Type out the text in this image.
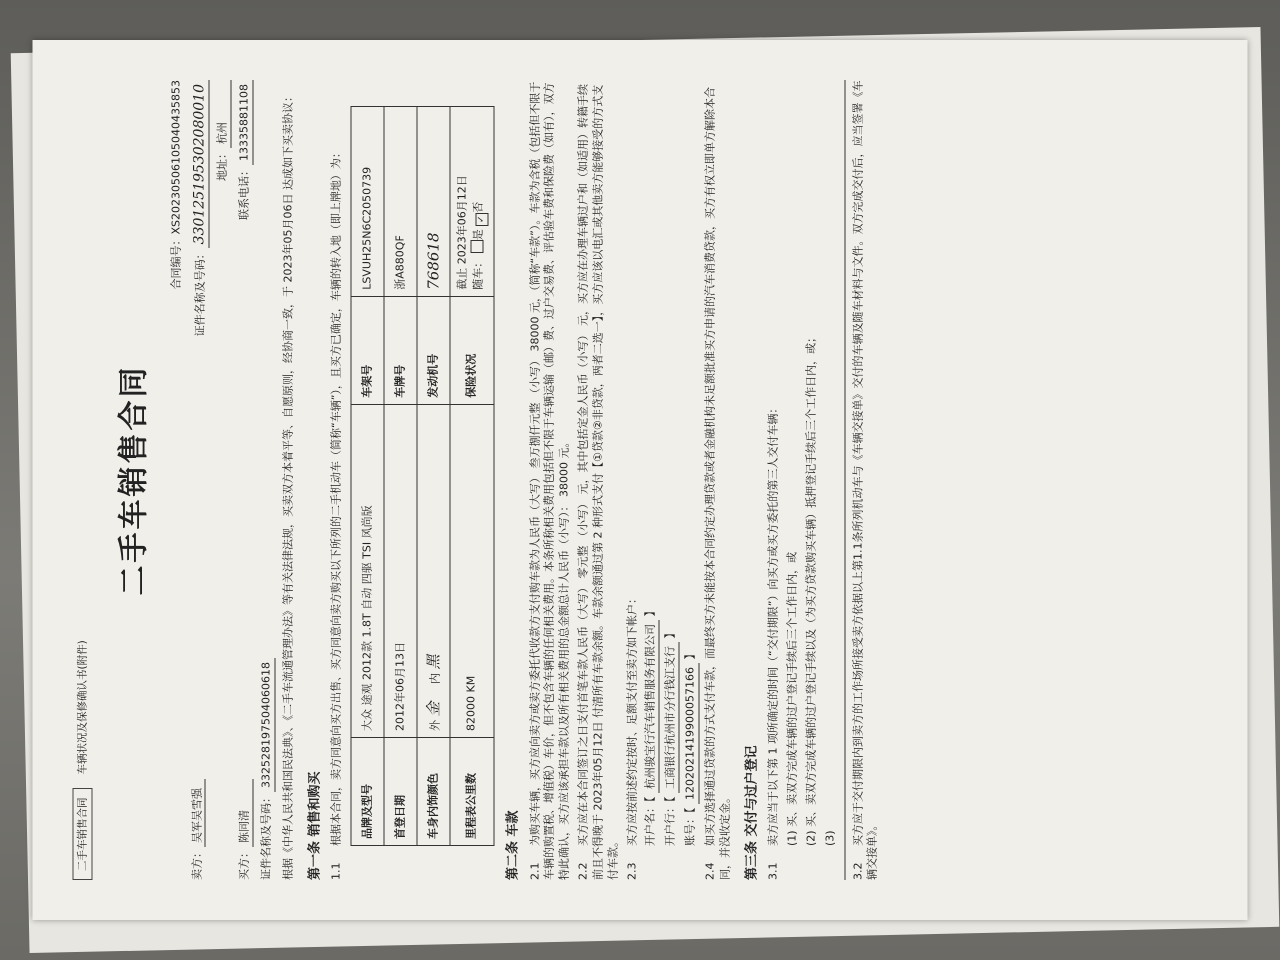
二手车销售合同
车辆状况及保修确认书(附件)
二手车销售合同
合同编号：XS20230506105040435853
卖方：吴军吴雪强
证件名称及号码：330125195302080010 地址：杭州
买方：陈同清
联系电话：13335881108
证件名称及号码：332528197504060618 根据《中华人民共和国民法典》、《二手车流通管理办法》等有关法律法规，买卖双方本着平等、自愿原则，经协商一致，于 2023年05月06日 达成如下买卖协议： 第一条 销售和购买 1.1根据本合同，卖方同意向买方出售、买方同意向卖方购买以下所列的二手机动车（简称“车辆”），且买方已确定，车辆的转入地（即上牌地）为： 品牌及型号	大众 途观 2012款 1.8T 自动 四驱 TSI 风尚版	车架号	LSVUH25N6C2050739
首登日期	2012年06月13日	车牌号	浙A880QF
车身内饰颜色	外 金     内 黑	发动机号	768618
里程表公里数	82000 KM	保险状况	截止 2023年06月12日 随车： 是 ✓否
第二条 车款 2.1为购买车辆，买方应向卖方或卖方委托代收款方支付购车款为人民币（大写） 叁万捌仟元整 （小写） 38000 元，（简称“车款”）。车款为含税（包括但不限于车辆的购置税、增值税）车价，但不包含车辆的任何相关费用。本条所称相关费用包括但不限于车辆运输（邮）费、过户交易费、评估验车费和保险费（如有），双方特此确认，买方应该承担车款以及所有相关费用的总金额总计人民币（小写）： 38000 元。 2.2买方应在本合同签订之日支付首笔车款人民币（大写） 零元整 （小写） 元，其中包括定金人民币（小写） 元，买方应在办理车辆过户和（如适用）转籍手续前且不得晚于 2023年05月12日 付清所有车款余额。车款余额通过第 2 种形式支付【①贷款②非贷款，两者二选一】，买方应该以电汇或其他卖方能够接受的方式支付车款。 2.3买方应按前述约定按时、足额支付至卖方如下帐户： 开户名：【 杭州骏宝行汽车销售服务有限公司 】
开户行：【 工商银行杭州市分行钱江支行 】
账号：【 1202021419900057166 】
2.4如买方选择通过贷款的方式支付车款，而最终买方未能按本合同约定办理贷款或者金融机构未足额批准买方申请的汽车消费贷款，买方有权立即单方解除本合同，并没收定金。 第三条 交付与过户登记 3.1卖方应当于以下第 1 项所确定的时间（“交付期限”）向买方或买方委托的第三人交付车辆： (1) 买、卖双方完成车辆的过户登记手续后三个工作日内，或 (2) 买、卖双方完成车辆的过户登记手续以及（为买方贷款购买车辆）抵押登记手续后三个工作日内，或； (3)
3.2买方应于交付期限内到卖方的工作场所接受卖方依据以上第1.1条所列机动车与《车辆交接单》交付的车辆及随车材料与文件。双方完成交付后，应当签署《车辆交接单》。
